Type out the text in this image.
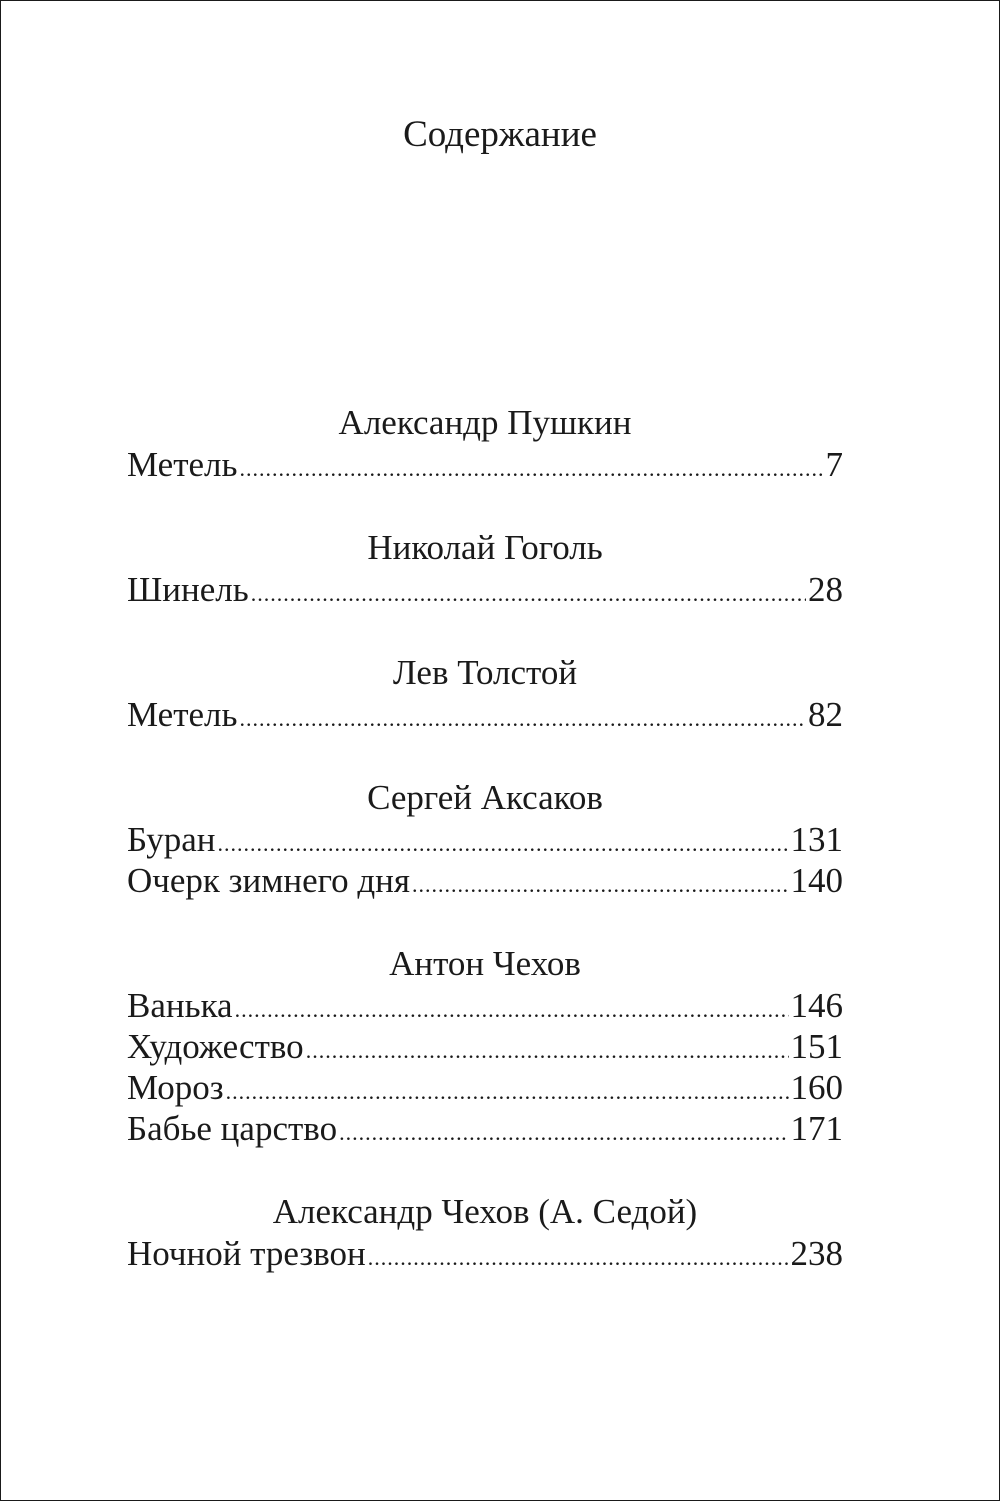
Содержание
Александр Пушкин
Метель .....	7
Николай Гоголь
Шинель .....	28
Лев Толстой
Метель .....	82
Сергей Аксаков
Буран .....	131
Очерк зимнего дня .....	140
Антон Чехов
Ванька .....	146
Художество .....	151
Мороз .....	160
Бабье царство .....	171
Александр Чехов (А. Седой)
Ночной трезвон .....	238
